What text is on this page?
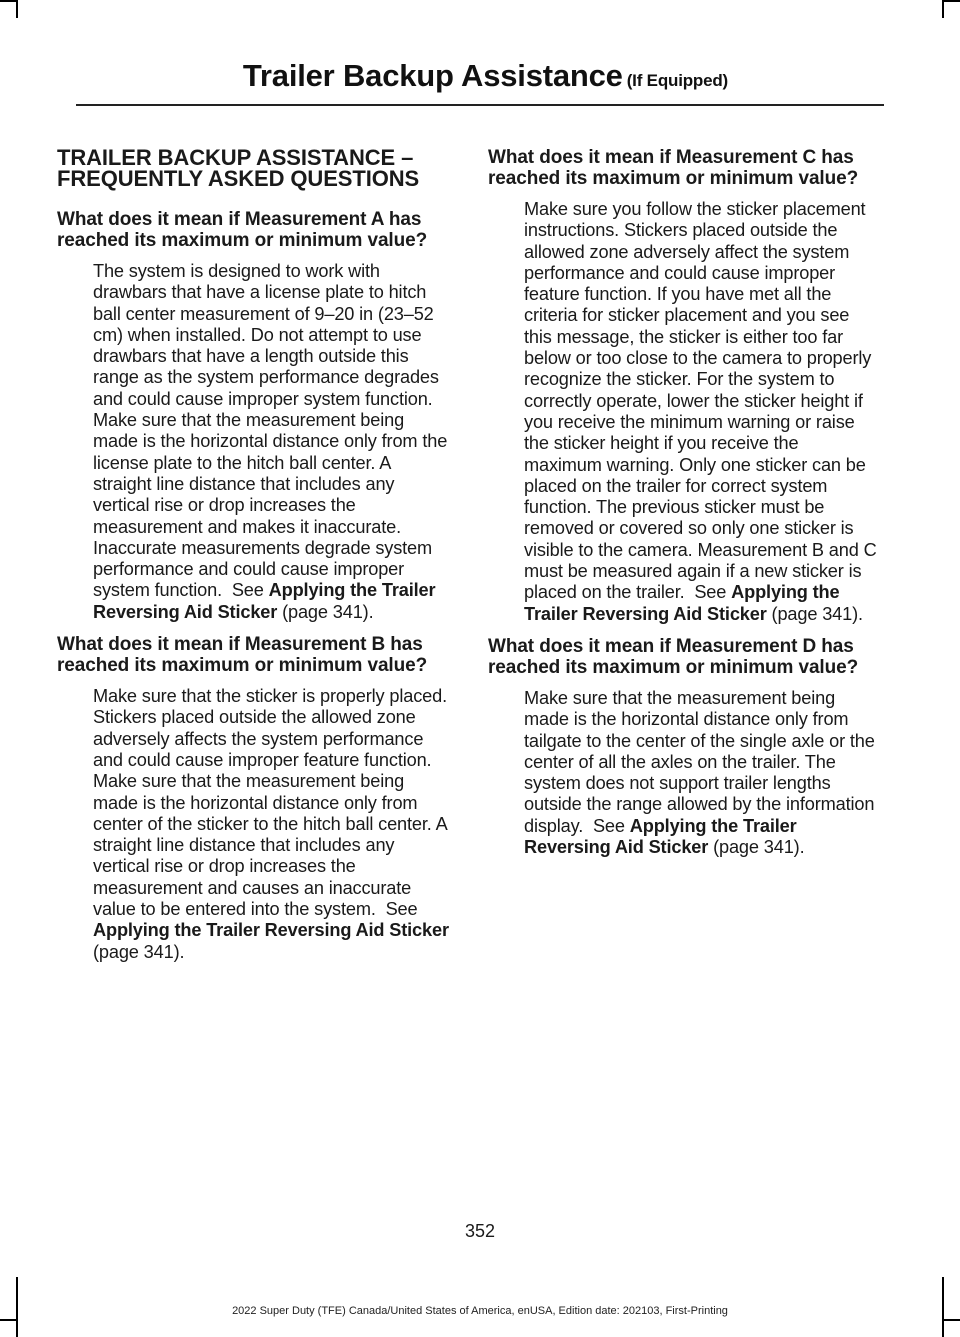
Trailer Backup Assistance (If Equipped)
TRAILER BACKUP ASSISTANCE – FREQUENTLY ASKED QUESTIONS
What does it mean if Measurement A has reached its maximum or minimum value?
The system is designed to work with drawbars that have a license plate to hitch ball center measurement of 9–20 in (23–52 cm) when installed. Do not attempt to use drawbars that have a length outside this range as the system performance degrades and could cause improper system function. Make sure that the measurement being made is the horizontal distance only from the license plate to the hitch ball center. A straight line distance that includes any vertical rise or drop increases the measurement and makes it inaccurate. Inaccurate measurements degrade system performance and could cause improper system function. See Applying the Trailer Reversing Aid Sticker (page 341).
What does it mean if Measurement B has reached its maximum or minimum value?
Make sure that the sticker is properly placed. Stickers placed outside the allowed zone adversely affects the system performance and could cause improper feature function. Make sure that the measurement being made is the horizontal distance only from center of the sticker to the hitch ball center. A straight line distance that includes any vertical rise or drop increases the measurement and causes an inaccurate value to be entered into the system. See Applying the Trailer Reversing Aid Sticker (page 341).
What does it mean if Measurement C has reached its maximum or minimum value?
Make sure you follow the sticker placement instructions. Stickers placed outside the allowed zone adversely affect the system performance and could cause improper feature function. If you have met all the criteria for sticker placement and you see this message, the sticker is either too far below or too close to the camera to properly recognize the sticker. For the system to correctly operate, lower the sticker height if you receive the minimum warning or raise the sticker height if you receive the maximum warning. Only one sticker can be placed on the trailer for correct system function. The previous sticker must be removed or covered so only one sticker is visible to the camera. Measurement B and C must be measured again if a new sticker is placed on the trailer. See Applying the Trailer Reversing Aid Sticker (page 341).
What does it mean if Measurement D has reached its maximum or minimum value?
Make sure that the measurement being made is the horizontal distance only from tailgate to the center of the single axle or the center of all the axles on the trailer. The system does not support trailer lengths outside the range allowed by the information display. See Applying the Trailer Reversing Aid Sticker (page 341).
352
2022 Super Duty (TFE) Canada/United States of America, enUSA, Edition date: 202103, First-Printing
